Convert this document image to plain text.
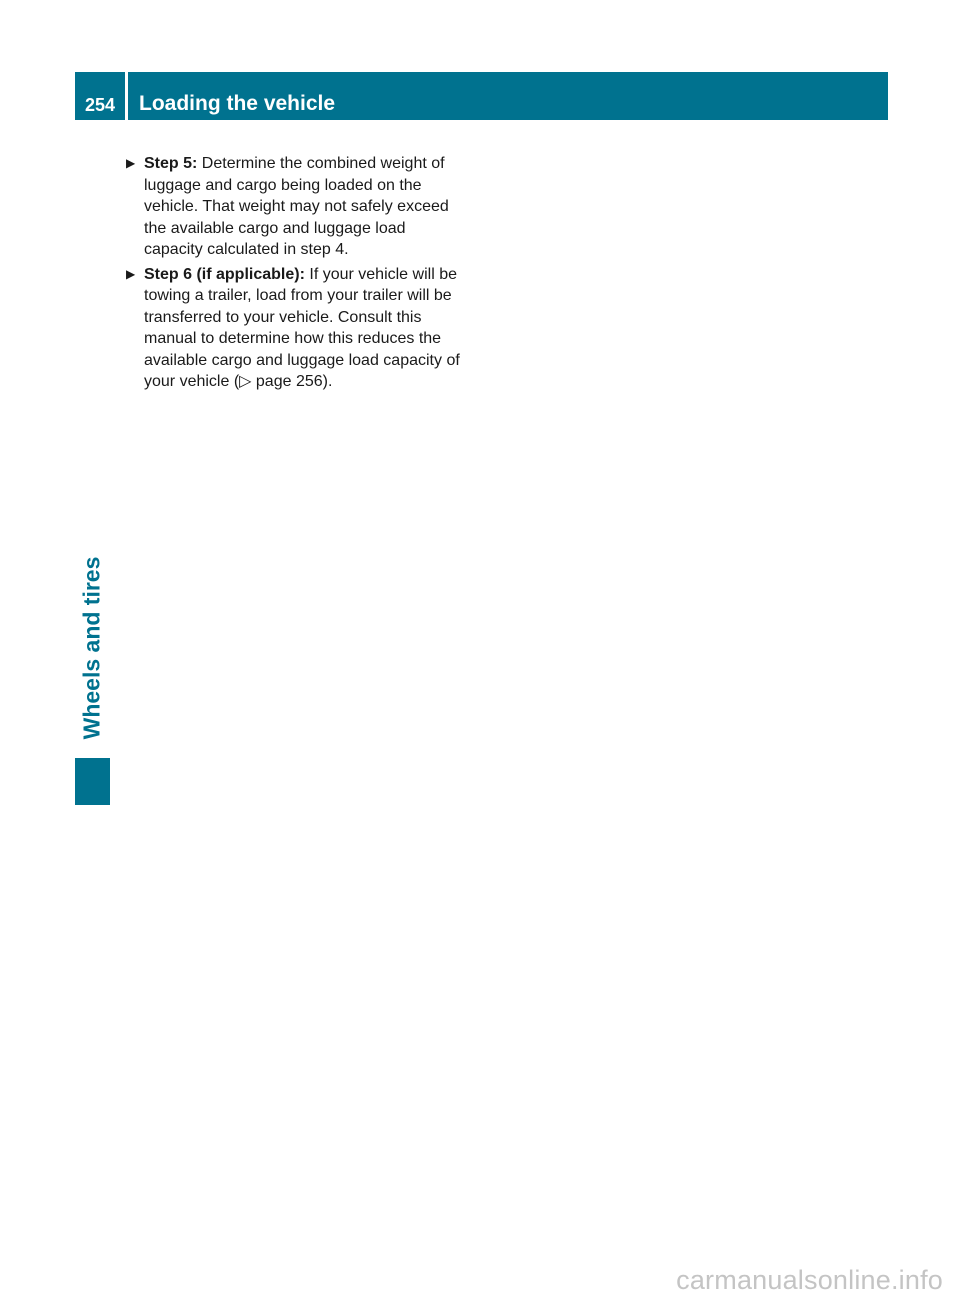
254	Loading the vehicle
Wheels and tires
▶ Step 5: Determine the combined weight of luggage and cargo being loaded on the vehicle. That weight may not safely exceed the available cargo and luggage load capacity calculated in step 4.
▶ Step 6 (if applicable): If your vehicle will be towing a trailer, load from your trailer will be transferred to your vehicle. Consult this manual to determine how this reduces the available cargo and luggage load capacity of your vehicle (▷ page 256).
carmanualsonline.info
